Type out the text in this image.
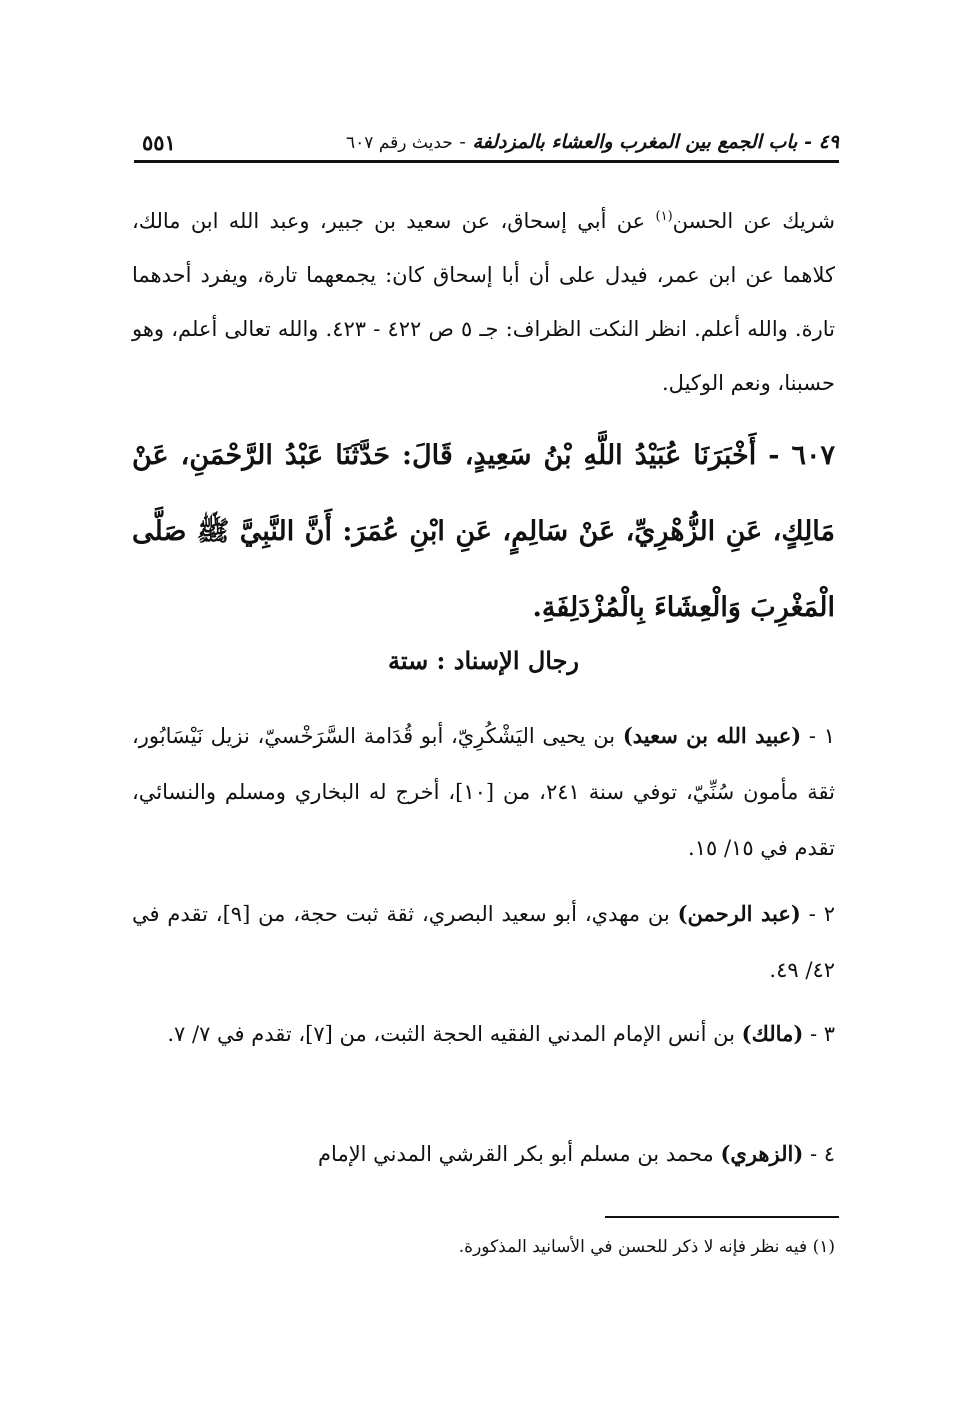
٤٩ - باب الجمع بين المغرب والعشاء بالمزدلفة - حديث رقم ٦٠٧
٥٥١
شريك عن الحسن$^{(١)}$ عن أبي إسحاق، عن سعيد بن جبير، وعبد الله ابن مالك، كلاهما عن ابن عمر، فيدل على أن أبا إسحاق كان: يجمعهما تارة، ويفرد أحدهما تارة. والله أعلم. انظر النكت الظراف: جـ ٥ ص ٤٢٢ - ٤٢٣. والله تعالى أعلم، وهو حسبنا، ونعم الوكيل.
٦٠٧ - أَخْبَرَنَا عُبَيْدُ اللَّهِ بْنُ سَعِيدٍ، قَالَ: حَدَّثَنَا عَبْدُ الرَّحْمَنِ، عَنْ مَالِكٍ، عَنِ الزُّهْرِيِّ، عَنْ سَالِمٍ، عَنِ ابْنِ عُمَرَ: أَنَّ النَّبِيَّ ﷺ صَلَّى الْمَغْرِبَ وَالْعِشَاءَ بِالْمُزْدَلِفَةِ.
رجال الإسناد : ستة
١ - (عبيد الله بن سعيد) بن يحيى اليَشْكُرِيّ، أبو قُدَامة السَّرَخْسيّ، نزيل نَيْسَابُور، ثقة مأمون سُنِّيّ، توفي سنة ٢٤١، من [١٠]، أخرج له البخاري ومسلم والنسائي، تقدم في ١٥/ ١٥.
٢ - (عبد الرحمن) بن مهدي، أبو سعيد البصري، ثقة ثبت حجة، من [٩]، تقدم في ٤٢/ ٤٩.
٣ - (مالك) بن أنس الإمام المدني الفقيه الحجة الثبت، من [٧]، تقدم في ٧/ ٧.
٤ - (الزهري) محمد بن مسلم أبو بكر القرشي المدني الإمام
(١) فيه نظر فإنه لا ذكر للحسن في الأسانيد المذكورة.
